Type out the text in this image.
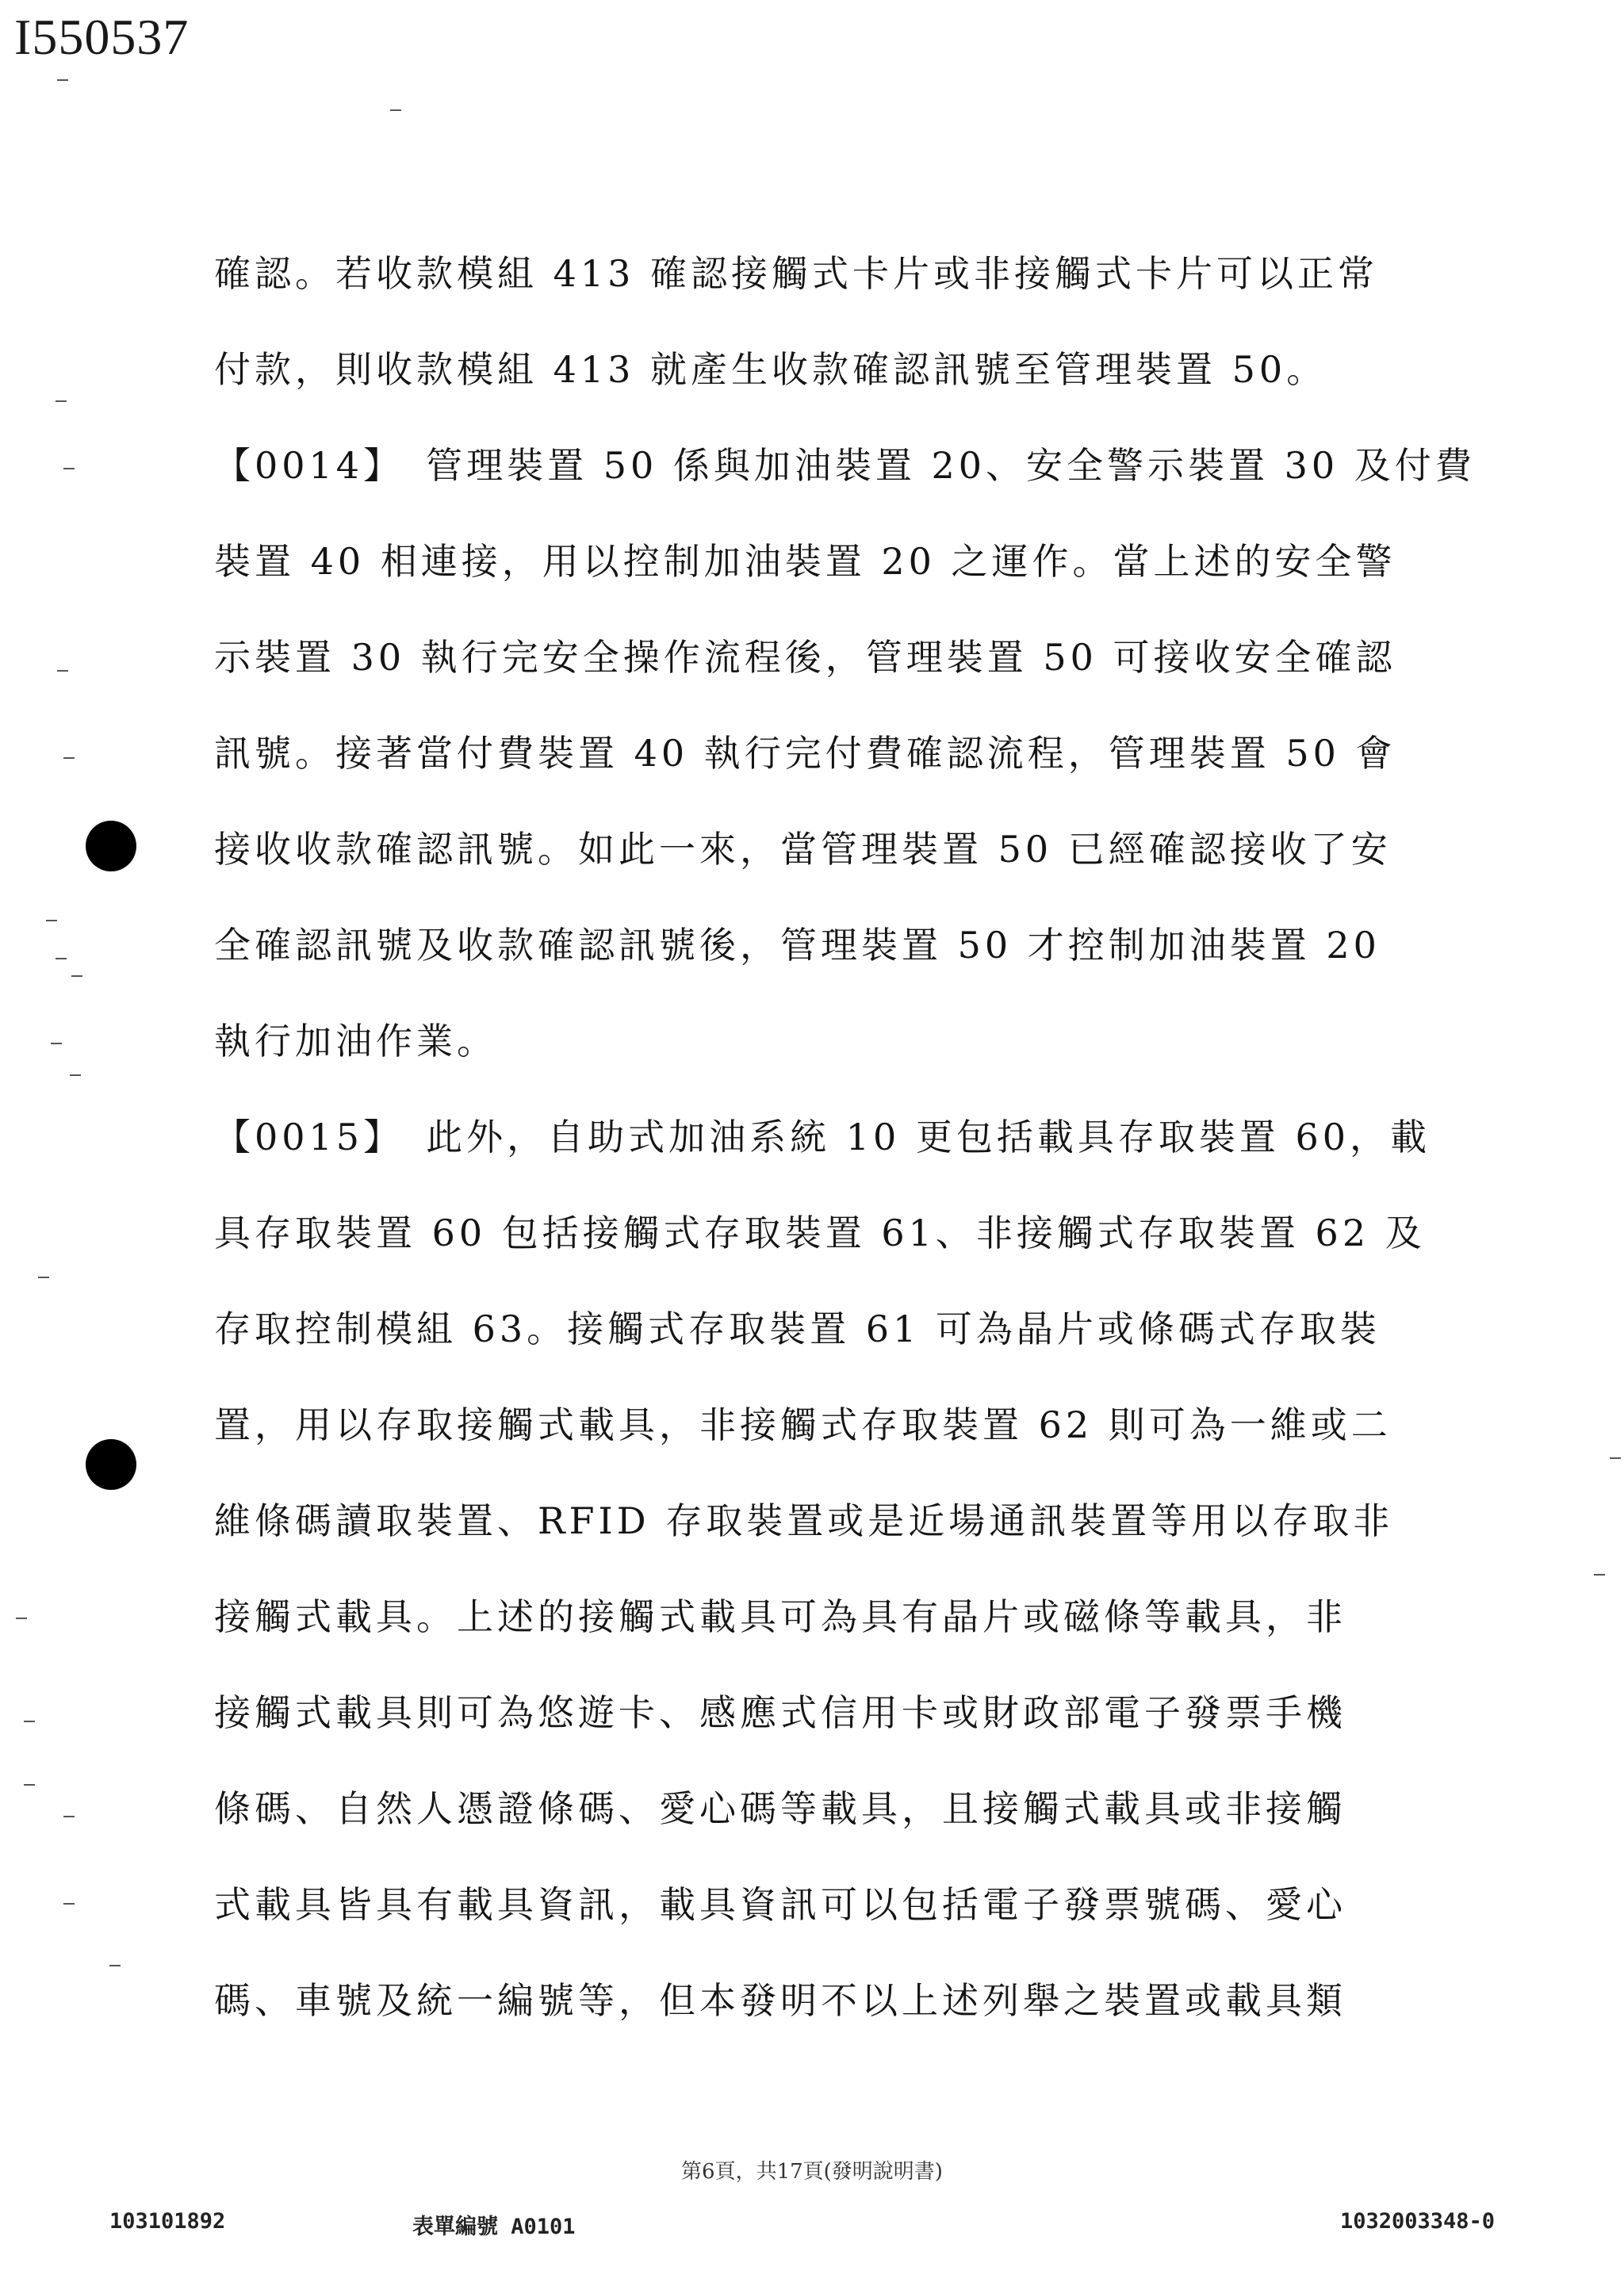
I550537
確認。若收款模組 413 確認接觸式卡片或非接觸式卡片可以正常
付款，則收款模組 413 就產生收款確認訊號至管理裝置 50。
【0014】　管理裝置 50 係與加油裝置 20、安全警示裝置 30 及付費
裝置 40 相連接，用以控制加油裝置 20 之運作。當上述的安全警
示裝置 30 執行完安全操作流程後，管理裝置 50 可接收安全確認
訊號。接著當付費裝置 40 執行完付費確認流程，管理裝置 50 會
接收收款確認訊號。如此一來，當管理裝置 50 已經確認接收了安
全確認訊號及收款確認訊號後，管理裝置 50 才控制加油裝置 20
執行加油作業。
【0015】　此外，自助式加油系統 10 更包括載具存取裝置 60，載
具存取裝置 60 包括接觸式存取裝置 61、非接觸式存取裝置 62 及
存取控制模組 63。接觸式存取裝置 61 可為晶片或條碼式存取裝
置，用以存取接觸式載具，非接觸式存取裝置 62 則可為一維或二
維條碼讀取裝置、RFID 存取裝置或是近場通訊裝置等用以存取非
接觸式載具。上述的接觸式載具可為具有晶片或磁條等載具，非
接觸式載具則可為悠遊卡、感應式信用卡或財政部電子發票手機
條碼、自然人憑證條碼、愛心碼等載具，且接觸式載具或非接觸
式載具皆具有載具資訊，載具資訊可以包括電子發票號碼、愛心
碼、車號及統一編號等，但本發明不以上述列舉之裝置或載具類
第6頁，共17頁(發明說明書)
103101892	表單編號 A0101	1032003348-0
